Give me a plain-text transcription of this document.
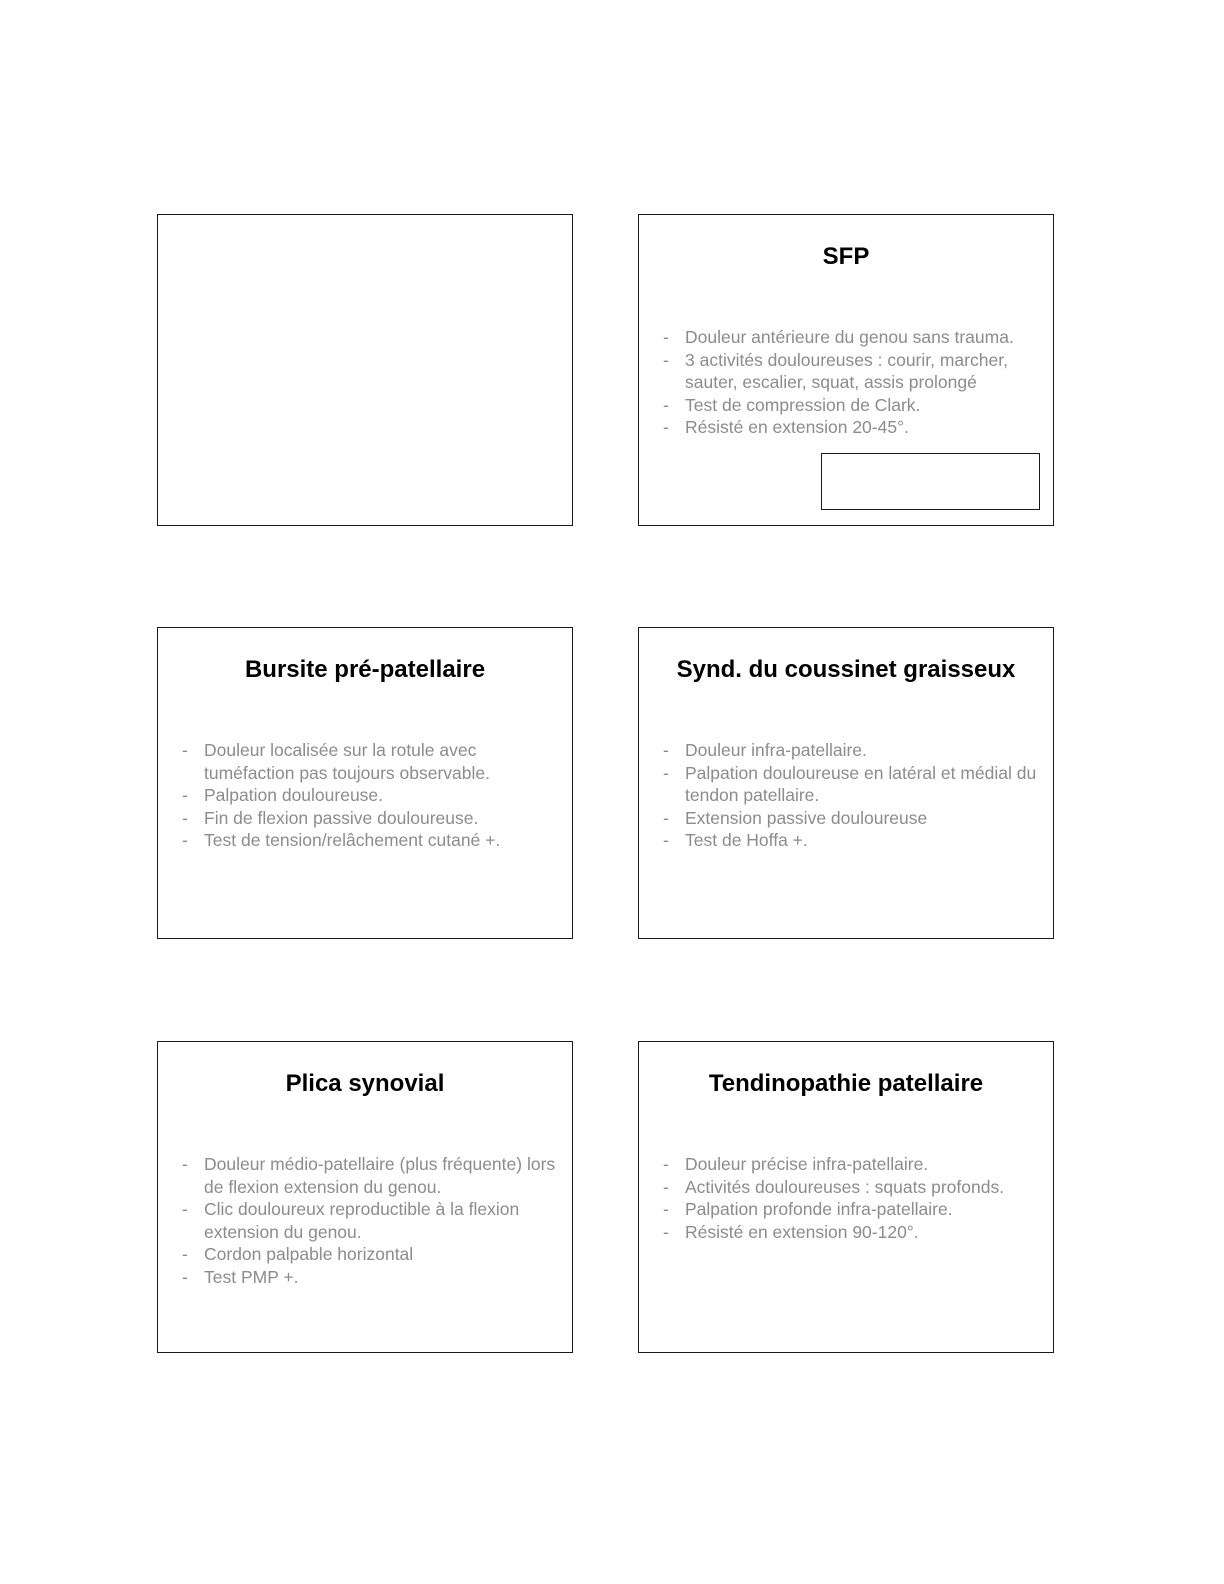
SFP
- Douleur antérieure du genou sans trauma.
- 3 activités douloureuses : courir, marcher, sauter, escalier, squat, assis prolongé
- Test de compression de Clark.
- Résisté en extension 20-45°.
Bursite pré-patellaire
- Douleur localisée sur la rotule avec tuméfaction pas toujours observable.
- Palpation douloureuse.
- Fin de flexion passive douloureuse.
- Test de tension/relâchement cutané +.
Synd. du coussinet graisseux
- Douleur infra-patellaire.
- Palpation douloureuse en latéral et médial du tendon patellaire.
- Extension passive douloureuse
- Test de Hoffa +.
Plica synovial
- Douleur médio-patellaire (plus fréquente) lors de flexion extension du genou.
- Clic douloureux reproductible à la flexion extension du genou.
- Cordon palpable horizontal
- Test PMP +.
Tendinopathie patellaire
- Douleur précise infra-patellaire.
- Activités douloureuses : squats profonds.
- Palpation profonde infra-patellaire.
- Résisté en extension 90-120°.
